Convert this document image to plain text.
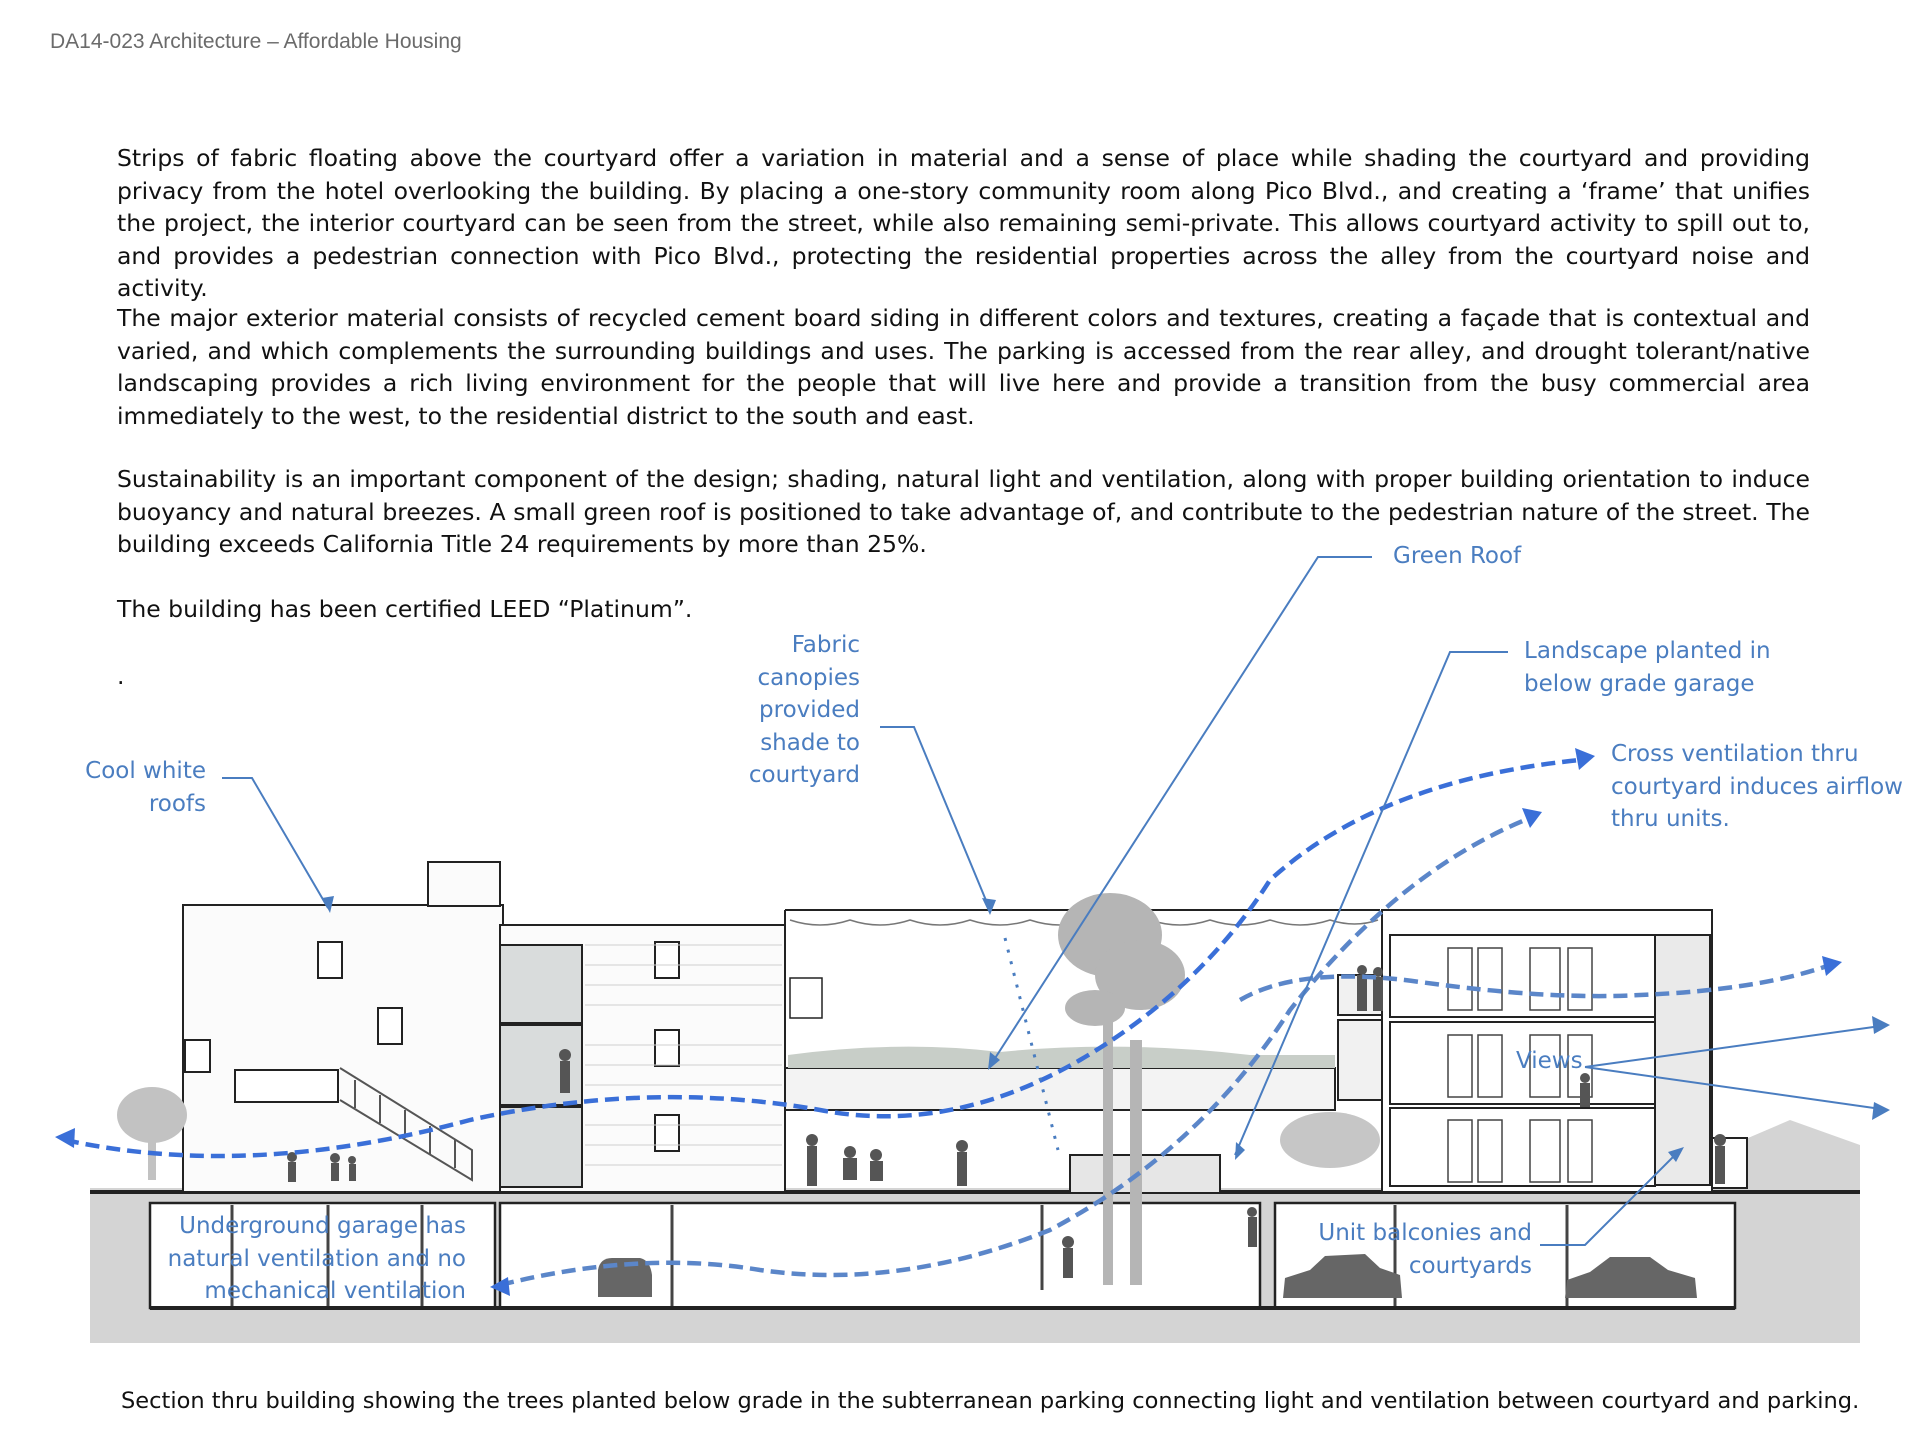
DA14-023 Architecture – Affordable Housing

Strips of fabric floating above the courtyard offer a variation in material and a sense of place while shading the courtyard and providing privacy from the hotel overlooking the building. By placing a one-story community room along Pico Blvd., and creating a ‘frame’ that unifies the project, the interior courtyard can be seen from the street, while also remaining semi-private. This allows courtyard activity to spill out to, and provides a pedestrian connection with Pico Blvd., protecting the residential properties across the alley from the courtyard noise and activity.

The major exterior material consists of recycled cement board siding in different colors and textures, creating a façade that is contextual and varied, and which complements the surrounding buildings and uses. The parking is accessed from the rear alley, and drought tolerant/native landscaping provides a rich living environment for the people that will live here and provide a transition from the busy commercial area immediately to the west, to the residential district to the south and east.

Sustainability is an important component of the design; shading, natural light and ventilation, along with proper building orientation to induce buoyancy and natural breezes. A small green roof is positioned to take advantage of, and contribute to the pedestrian nature of the street. The building exceeds California Title 24 requirements by more than 25%.

The building has been certified LEED “Platinum”.

.

Green Roof
Landscape planted in
below grade garage
Fabric
canopies
provided
shade to
courtyard
Cool white
roofs
Cross ventilation thru
courtyard induces airflow
thru units.
Views
Underground garage has
natural ventilation and no
mechanical ventilation
Unit balconies and
courtyards
Section thru building showing the trees planted below grade in the subterranean parking connecting light and ventilation between courtyard and parking.
